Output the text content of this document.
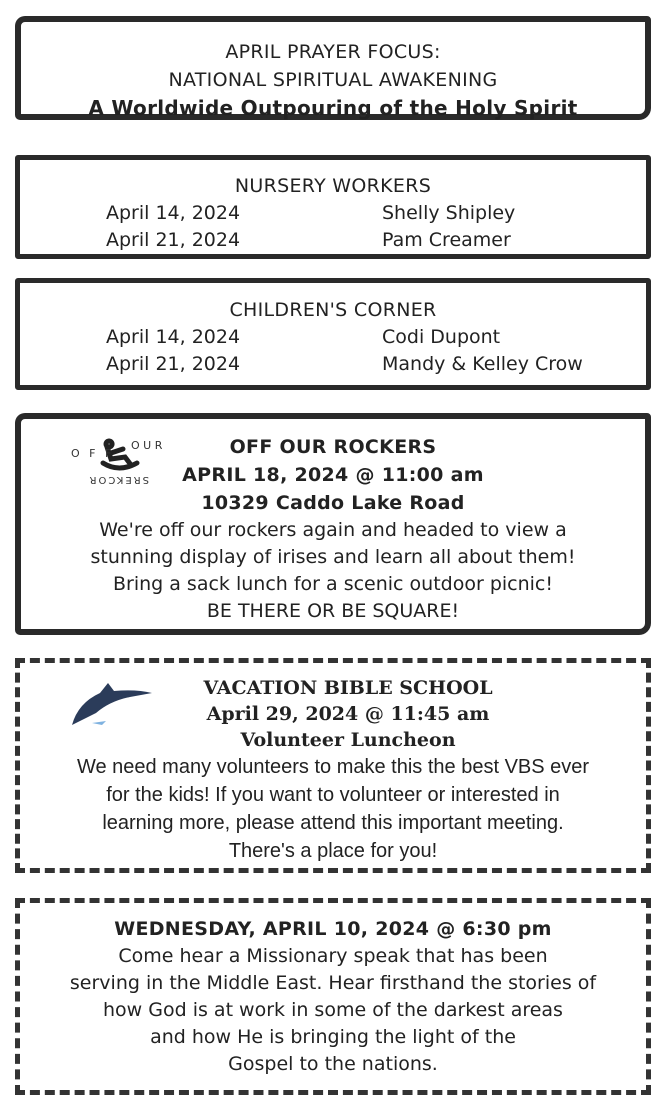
APRIL PRAYER FOCUS:
NATIONAL SPIRITUAL AWAKENING
A Worldwide Outpouring of the Holy Spirit
NURSERY WORKERS
April 14, 2024	Shelly Shipley
April 21, 2024	Pam Creamer
CHILDREN'S CORNER
April 14, 2024	Codi Dupont
April 21, 2024	Mandy & Kelley Crow
O F F
O U R
SREKCOR
OFF OUR ROCKERS
APRIL 18, 2024 @ 11:00 am
10329 Caddo Lake Road
We're off our rockers again and headed to view a
stunning display of irises and learn all about them!
Bring a sack lunch for a scenic outdoor picnic!
BE THERE OR BE SQUARE!
VACATION BIBLE SCHOOL
April 29, 2024 @ 11:45 am
Volunteer Luncheon
We need many volunteers to make this the best VBS ever
for the kids! If you want to volunteer or interested in
learning more, please attend this important meeting.
There's a place for you!
WEDNESDAY, APRIL 10, 2024 @ 6:30 pm
Come hear a Missionary speak that has been
serving in the Middle East. Hear firsthand the stories of
how God is at work in some of the darkest areas
and how He is bringing the light of the
Gospel to the nations.
